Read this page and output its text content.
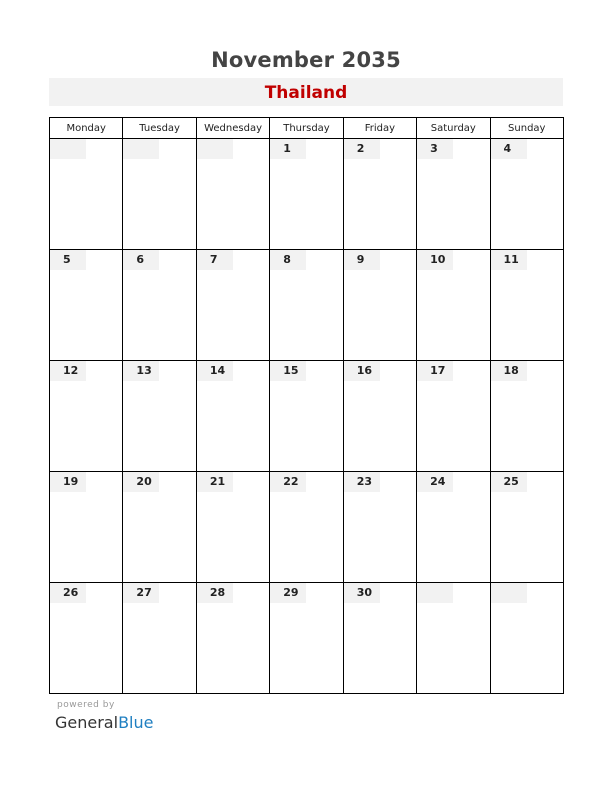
November 2035
Thailand
Monday	Tuesday	Wednesday	Thursday	Friday	Saturday	Sunday

			1	2	3	4

5	6	7	8	9	10	11

12	13	14	15	16	17	18

19	20	21	22	23	24	25

26	27	28	29	30		

powered by
GeneralBlue
